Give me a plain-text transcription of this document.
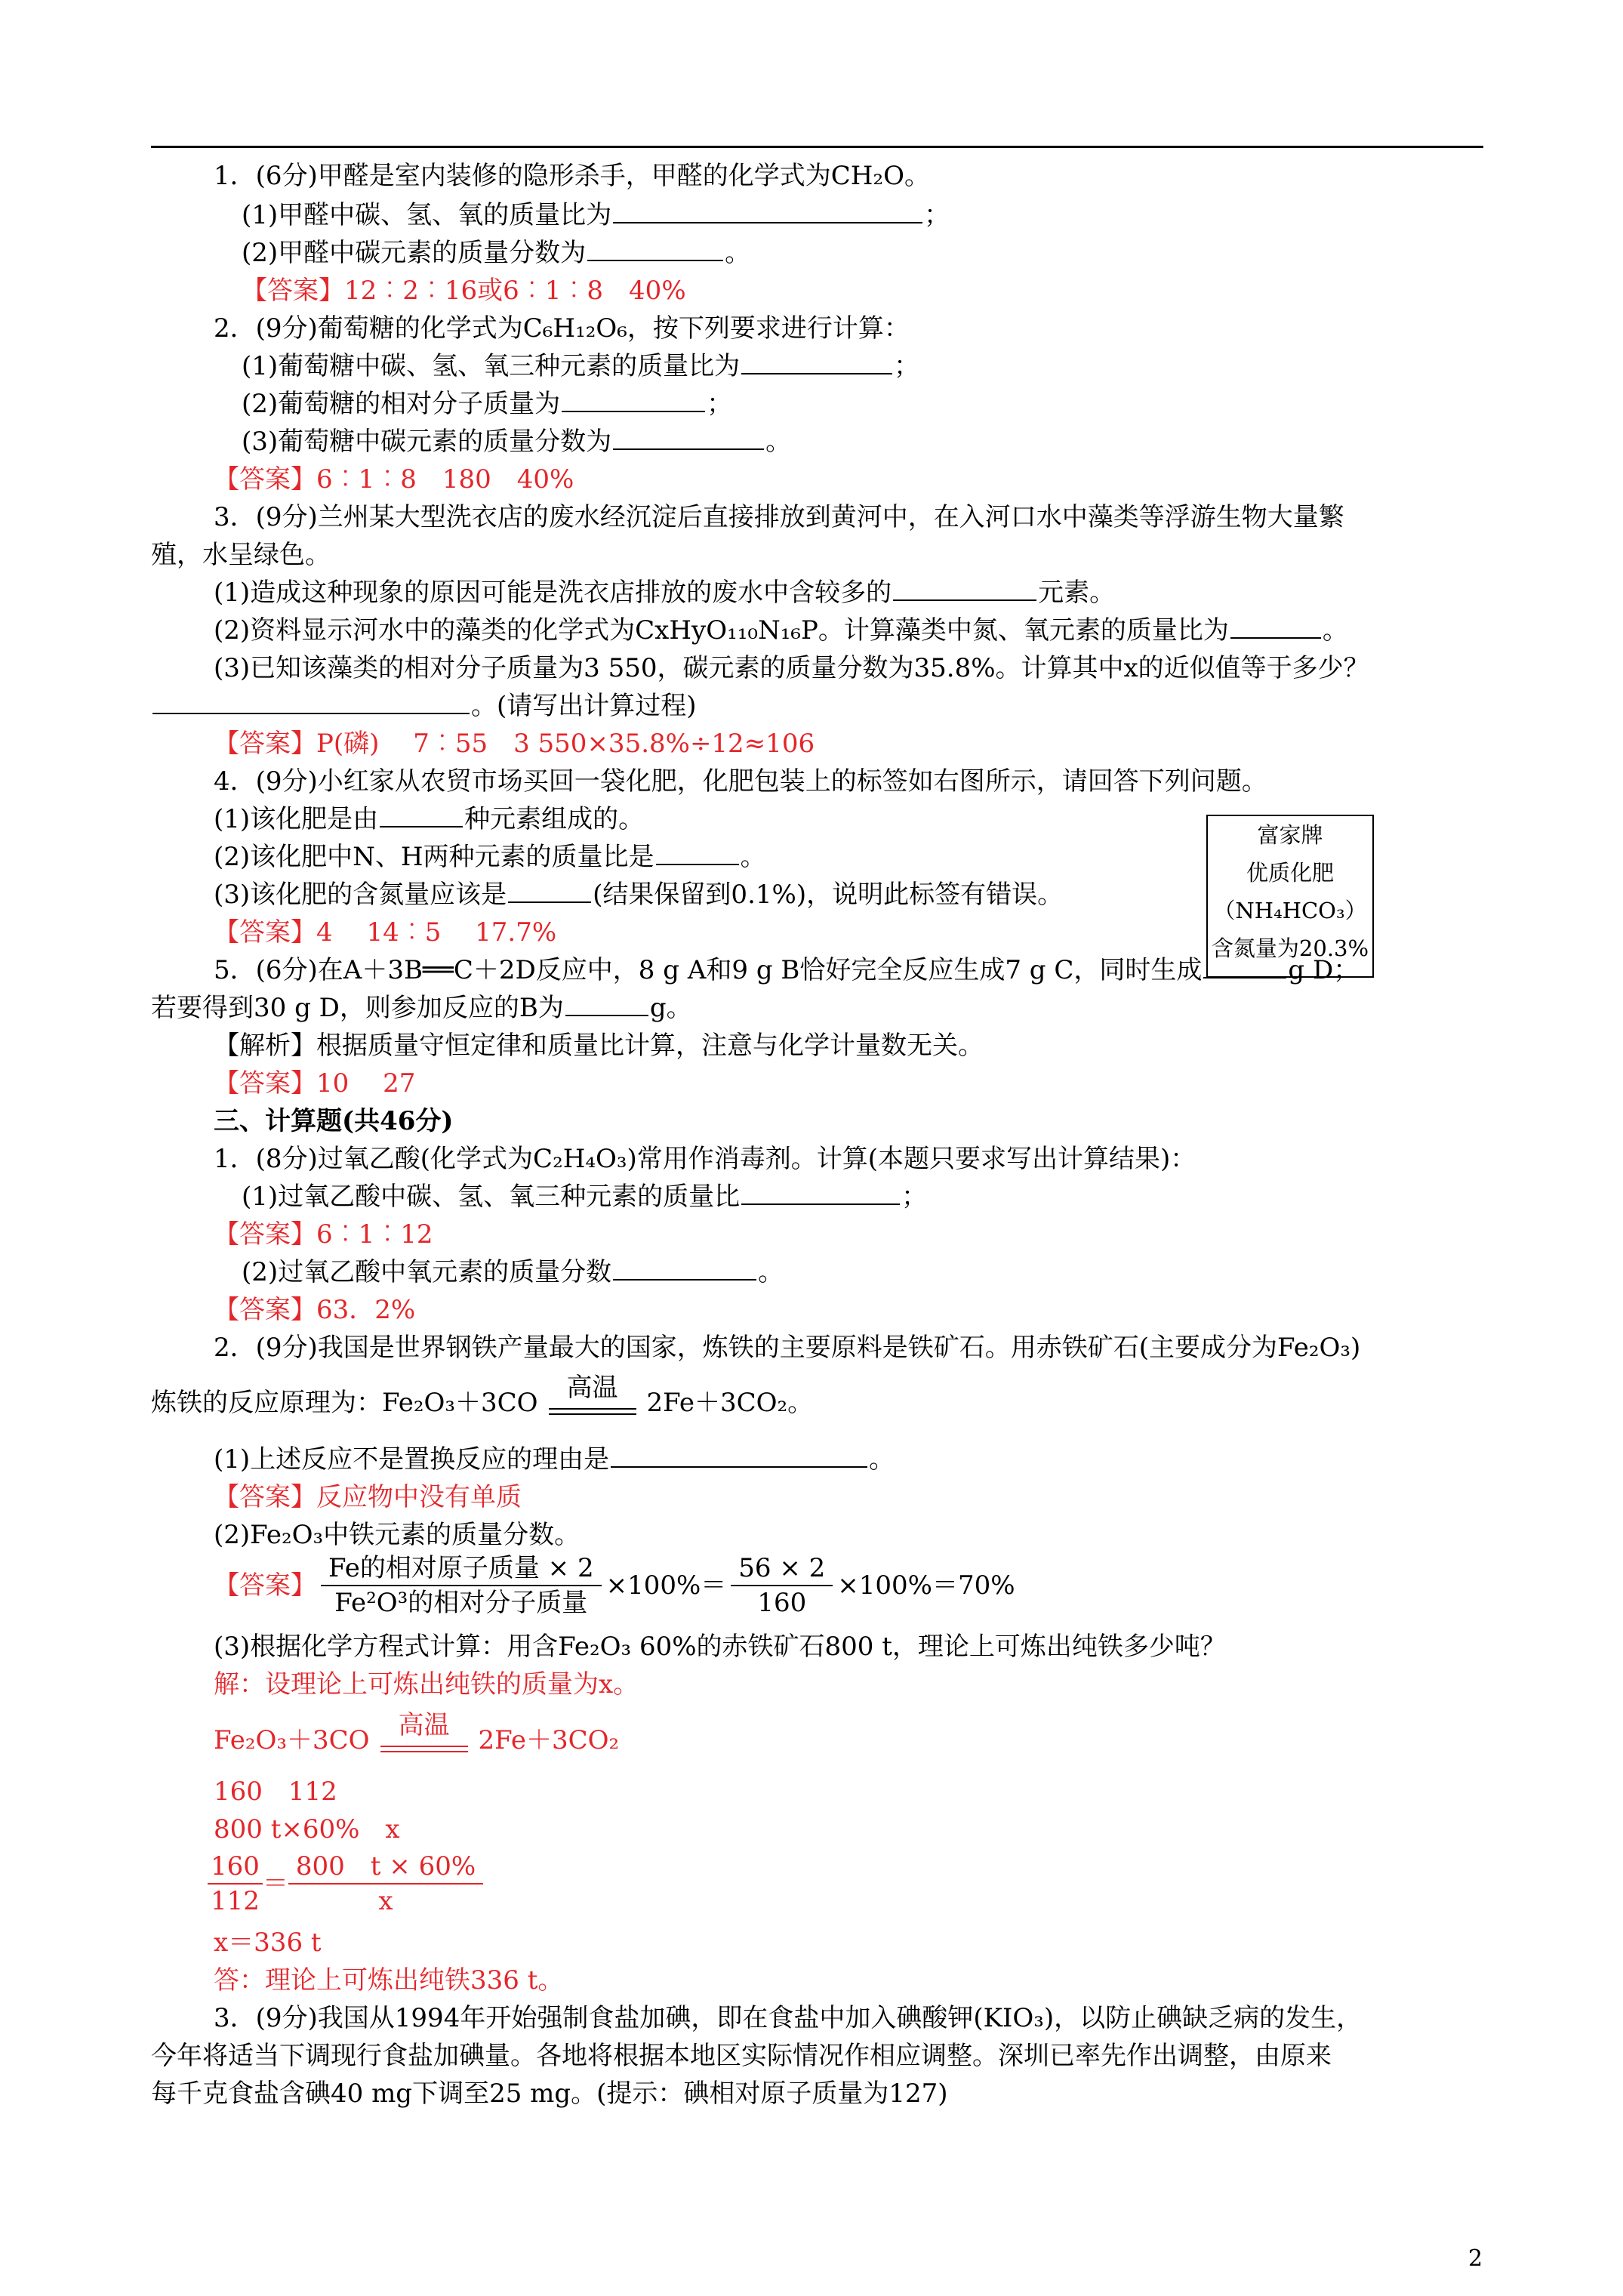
1．(6分)甲醛是室内装修的隐形杀手，甲醛的化学式为CH₂O。
(1)甲醛中碳、氢、氧的质量比为	；
(2)甲醛中碳元素的质量分数为	。
【答案】12︰2︰16或6︰1︰8　40%
2．(9分)葡萄糖的化学式为C₆H₁₂O₆，按下列要求进行计算：
(1)葡萄糖中碳、氢、氧三种元素的质量比为	；
(2)葡萄糖的相对分子质量为	；
(3)葡萄糖中碳元素的质量分数为	。
【答案】6︰1︰8　180　40%
3．(9分)兰州某大型洗衣店的废水经沉淀后直接排放到黄河中，在入河口水中藻类等浮游生物大量繁
殖，水呈绿色。
(1)造成这种现象的原因可能是洗衣店排放的废水中含较多的	元素。
(2)资料显示河水中的藻类的化学式为CxHyO₁₁₀N₁₆P。计算藻类中氮、氧元素的质量比为	。
(3)已知该藻类的相对分子质量为3 550，碳元素的质量分数为35.8%。计算其中x的近似值等于多少？
。(请写出计算过程)
【答案】P(磷)　 7︰55　3 550×35.8%÷12≈106
4．(9分)小红家从农贸市场买回一袋化肥，化肥包装上的标签如右图所示，请回答下列问题。
(1)该化肥是由	种元素组成的。
(2)该化肥中N、H两种元素的质量比是	。
(3)该化肥的含氮量应该是	(结果保留到0.1%)，说明此标签有错误。
【答案】4　 14︰5　 17.7%
富家牌
优质化肥
（NH₄HCO₃）
含氮量为20.3%
5．(6分)在A＋3B══C＋2D反应中，8 g A和9 g B恰好完全反应生成7 g C，同时生成	g D；
若要得到30 g D，则参加反应的B为	g。
【解析】根据质量守恒定律和质量比计算，注意与化学计量数无关。
【答案】10　 27
三、计算题(共46分)
1．(8分)过氧乙酸(化学式为C₂H₄O₃)常用作消毒剂。计算(本题只要求写出计算结果)：
(1)过氧乙酸中碳、氢、氧三种元素的质量比	；
【答案】6︰1︰12
(2)过氧乙酸中氧元素的质量分数	。
【答案】63．2%
2．(9分)我国是世界钢铁产量最大的国家，炼铁的主要原料是铁矿石。用赤铁矿石(主要成分为Fe₂O₃)
炼铁的反应原理为：Fe₂O₃＋3CO	高温	2Fe＋3CO₂。
(1)上述反应不是置换反应的理由是	。
【答案】反应物中没有单质
(2)Fe₂O₃中铁元素的质量分数。
【答案】 $\frac{\text{Fe的相对原子质量 × 2}}{\text{Fe²O³的相对分子质量}} \times 100\%= \frac{56 \times 2}{160} \times 100\%=70\%$
(3)根据化学方程式计算：用含Fe₂O₃ 60%的赤铁矿石800 t，理论上可炼出纯铁多少吨？
解：设理论上可炼出纯铁的质量为x。
Fe₂O₃＋3CO	高温	2Fe＋3CO₂
160　112
800 t×60%　x
$\frac{160}{112} = \frac{800 t \times 60\%}{x}$
x＝336 t
答：理论上可炼出纯铁336 t。
3．(9分)我国从1994年开始强制食盐加碘，即在食盐中加入碘酸钾(KIO₃)，以防止碘缺乏病的发生，
今年将适当下调现行食盐加碘量。各地将根据本地区实际情况作相应调整。深圳已率先作出调整，由原来
每千克食盐含碘40 mg下调至25 mg。(提示：碘相对原子质量为127)
2
